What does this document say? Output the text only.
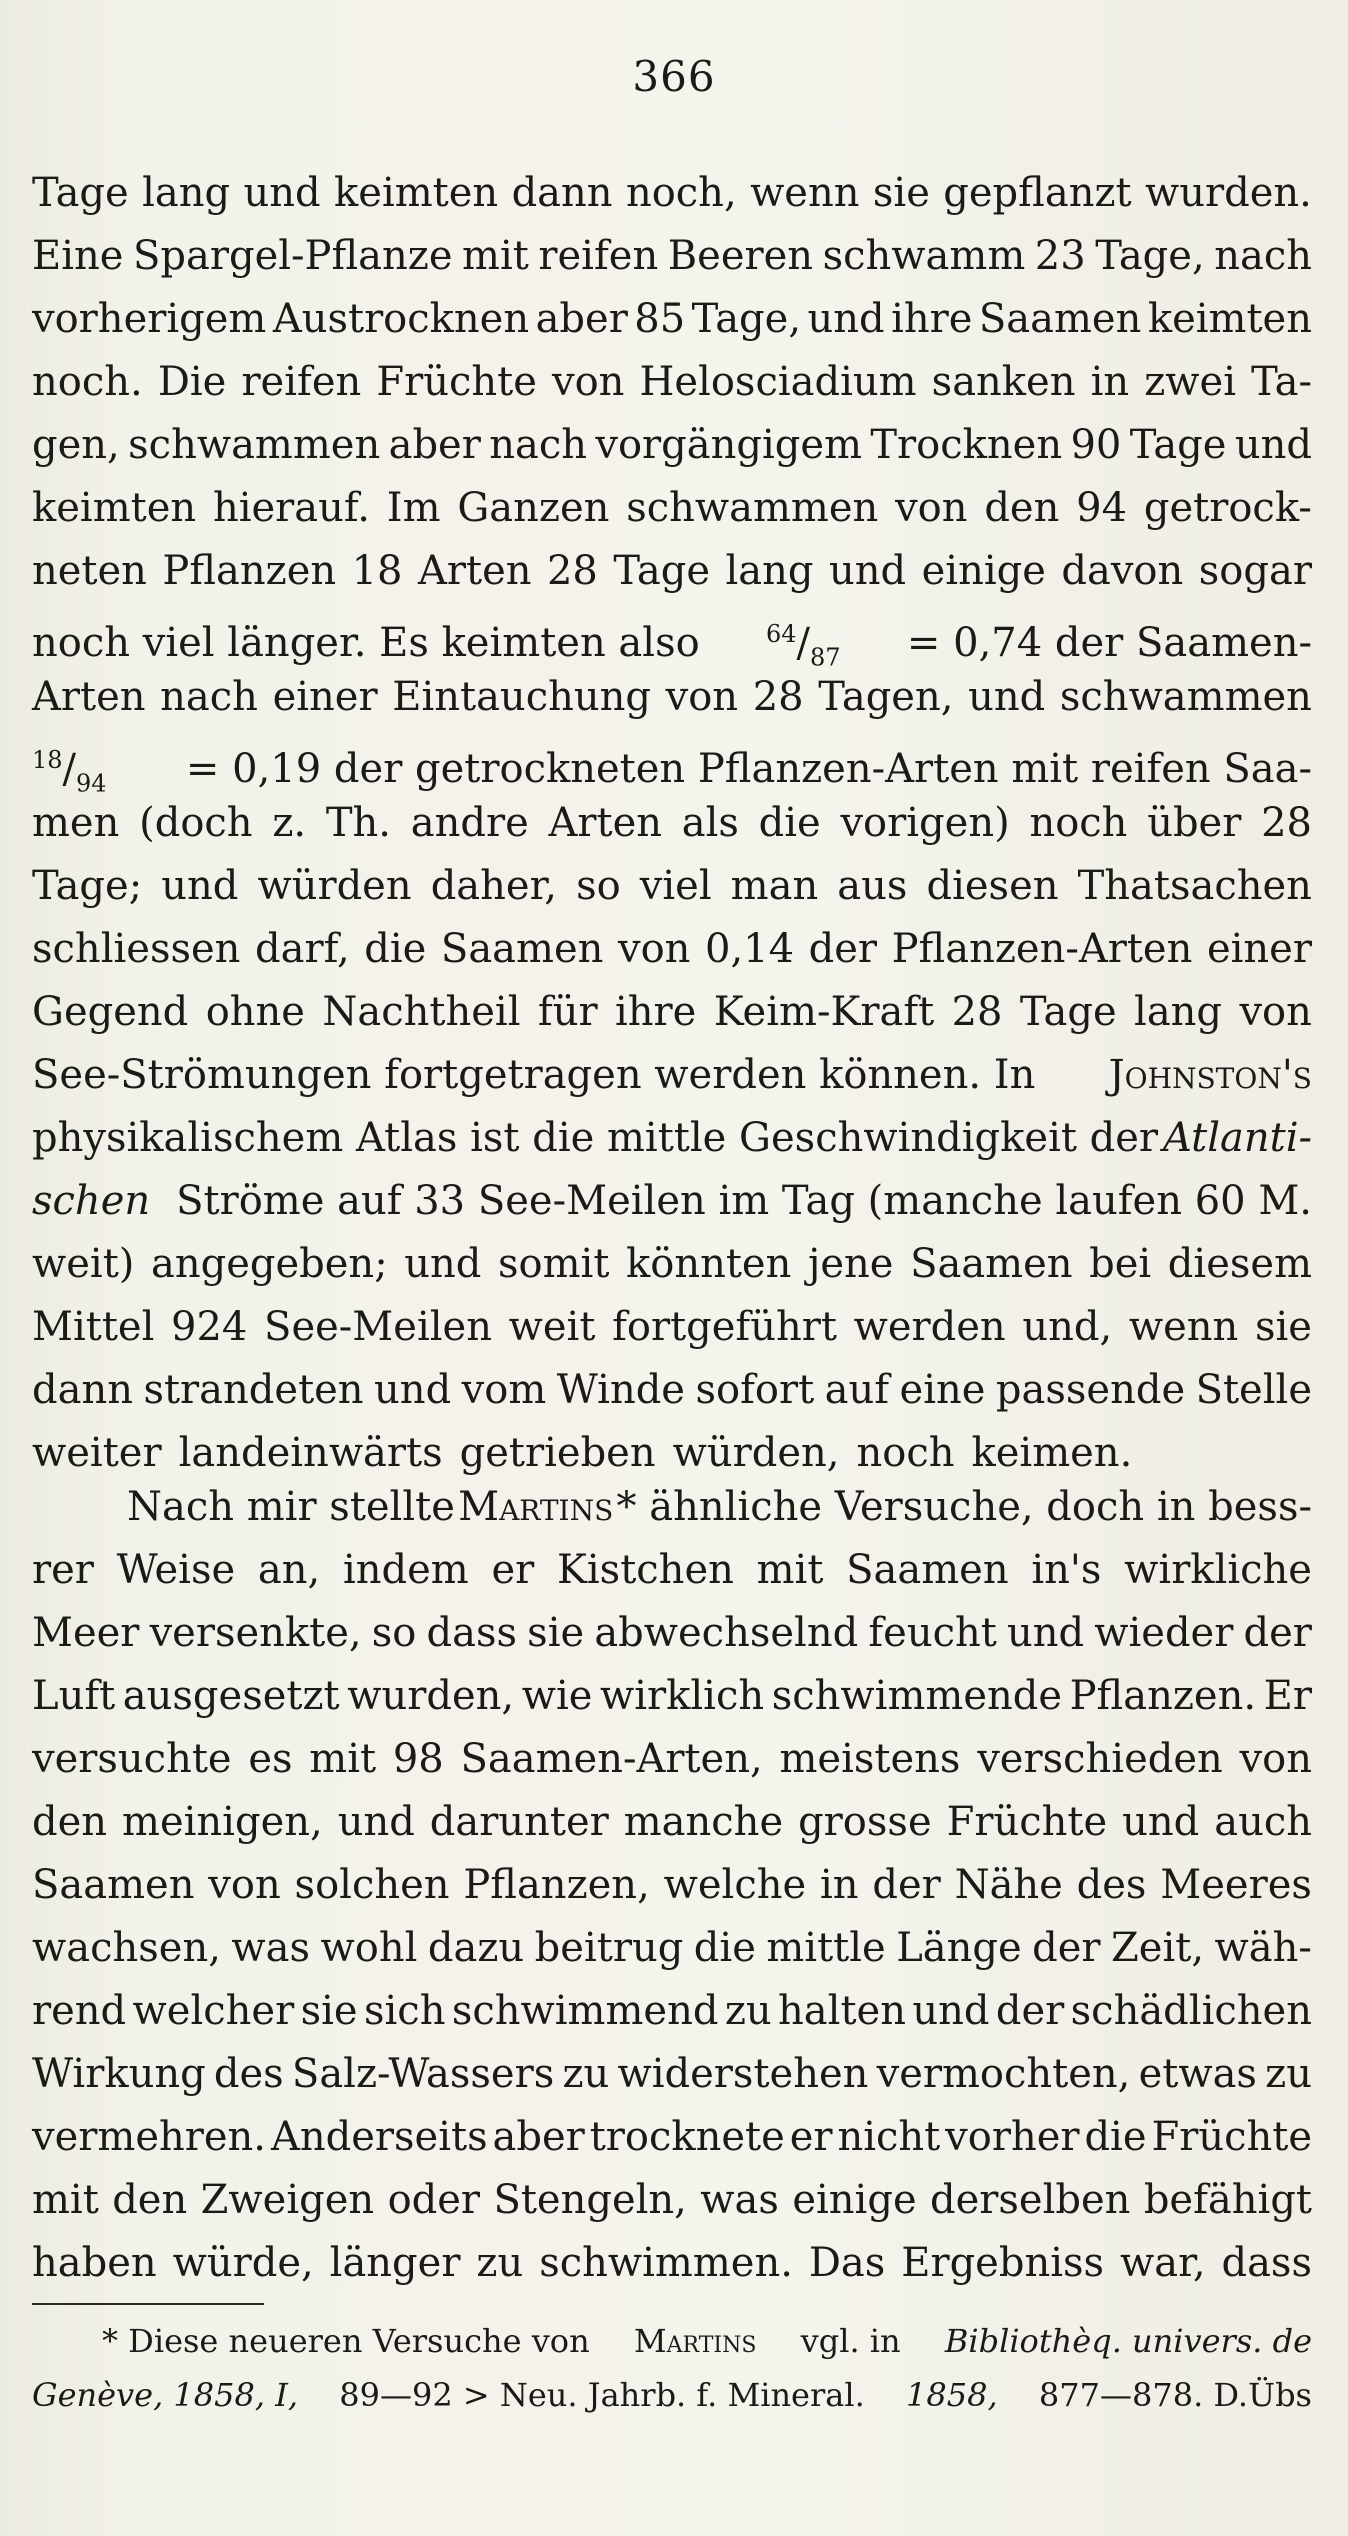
366
Tage lang und keimten dann noch, wenn sie gepflanzt wurden.
Eine Spargel-Pflanze mit reifen Beeren schwamm 23 Tage, nach
vorherigem Austrocknen aber 85 Tage, und ihre Saamen keimten
noch. Die reifen Früchte von Helosciadium sanken in zwei Ta-
gen, schwammen aber nach vorgängigem Trocknen 90 Tage und
keimten hierauf. Im Ganzen schwammen von den 94 getrock-
neten Pflanzen 18 Arten 28 Tage lang und einige davon sogar
noch viel länger. Es keimten also	$^{64}/_{87} = 0,74$ der Saamen-
Arten nach einer Eintauchung von 28 Tagen, und schwammen
$^{18}/_{94} = 0,19$ der getrockneten Pflanzen-Arten mit reifen Saa-
men (doch z. Th. andre Arten als die vorigen) noch über 28
Tage; und würden daher, so viel man aus diesen Thatsachen
schliessen darf, die Saamen von 0,14 der Pflanzen-Arten einer
Gegend ohne Nachtheil für ihre Keim-Kraft 28 Tage lang von
See-Strömungen fortgetragen werden können. In Johnston's
physikalischem Atlas ist die mittle Geschwindigkeit der Atlanti-
schen Ströme auf 33 See-Meilen im Tag (manche laufen 60 M.
weit) angegeben; und somit könnten jene Saamen bei diesem
Mittel 924 See-Meilen weit fortgeführt werden und, wenn sie
dann strandeten und vom Winde sofort auf eine passende Stelle
weiter landeinwärts getrieben würden, noch keimen.
Nach mir stellte Martins * ähnliche Versuche, doch in bess-
rer Weise an, indem er Kistchen mit Saamen in's wirkliche
Meer versenkte, so dass sie abwechselnd feucht und wieder der
Luft ausgesetzt wurden, wie wirklich schwimmende Pflanzen. Er
versuchte es mit 98 Saamen-Arten, meistens verschieden von
den meinigen, und darunter manche grosse Früchte und auch
Saamen von solchen Pflanzen, welche in der Nähe des Meeres
wachsen, was wohl dazu beitrug die mittle Länge der Zeit, wäh-
rend welcher sie sich schwimmend zu halten und der schädlichen
Wirkung des Salz-Wassers zu widerstehen vermochten, etwas zu
vermehren. Anderseits aber trocknete er nicht vorher die Früchte
mit den Zweigen oder Stengeln, was einige derselben befähigt
haben würde, länger zu schwimmen. Das Ergebniss war, dass
* Diese neueren Versuche von Martins vgl. in Bibliothèq. univers. de
Genève, 1858, I, 89—92 > Neu. Jahrb. f. Mineral. 1858, 877—878. D.Übs
